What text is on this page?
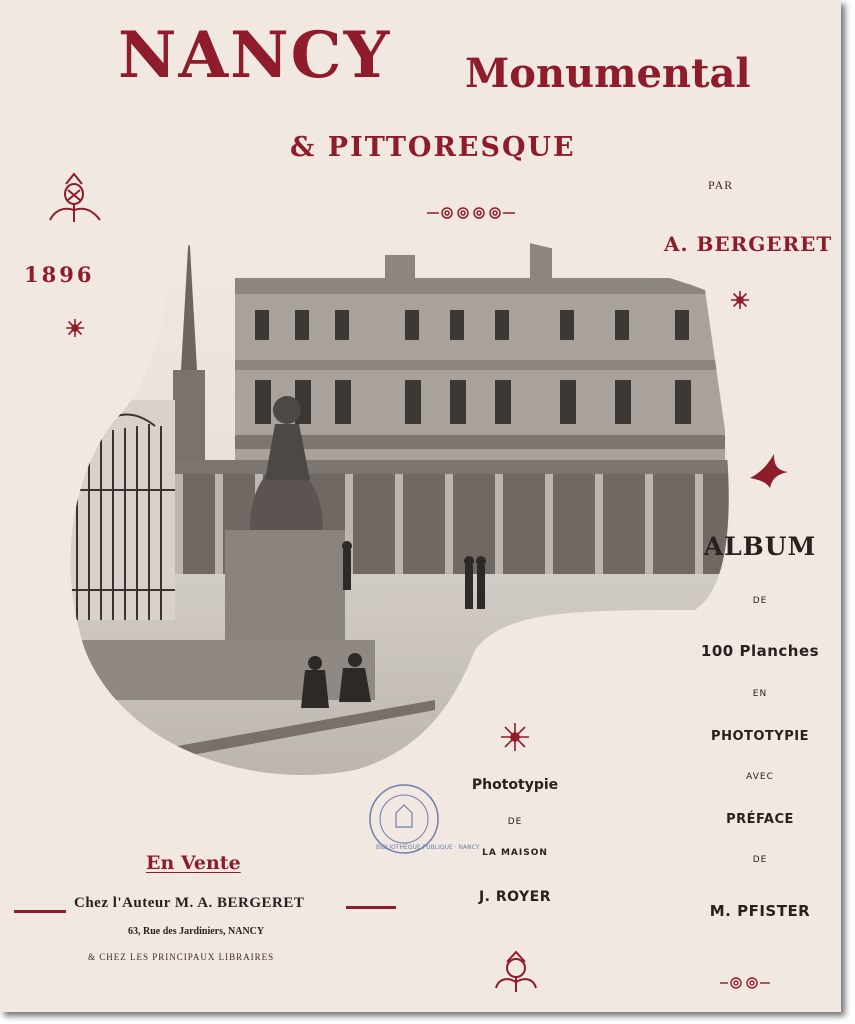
NANCY Monumental
& PITTORESQUE
PAR
A. BERGERET
1896
BIBLIOTHÈQUE PUBLIQUE · NANCY
ALBUM
DE
100 Planches
EN
PHOTOTYPIE
AVEC
PRÉFACE
DE
M. PFISTER
Phototypie
DE
LA MAISON
J. ROYER
En Vente
Chez l'Auteur M. A. BERGERET
63, Rue des Jardiniers, NANCY
& CHEZ LES PRINCIPAUX LIBRAIRES
